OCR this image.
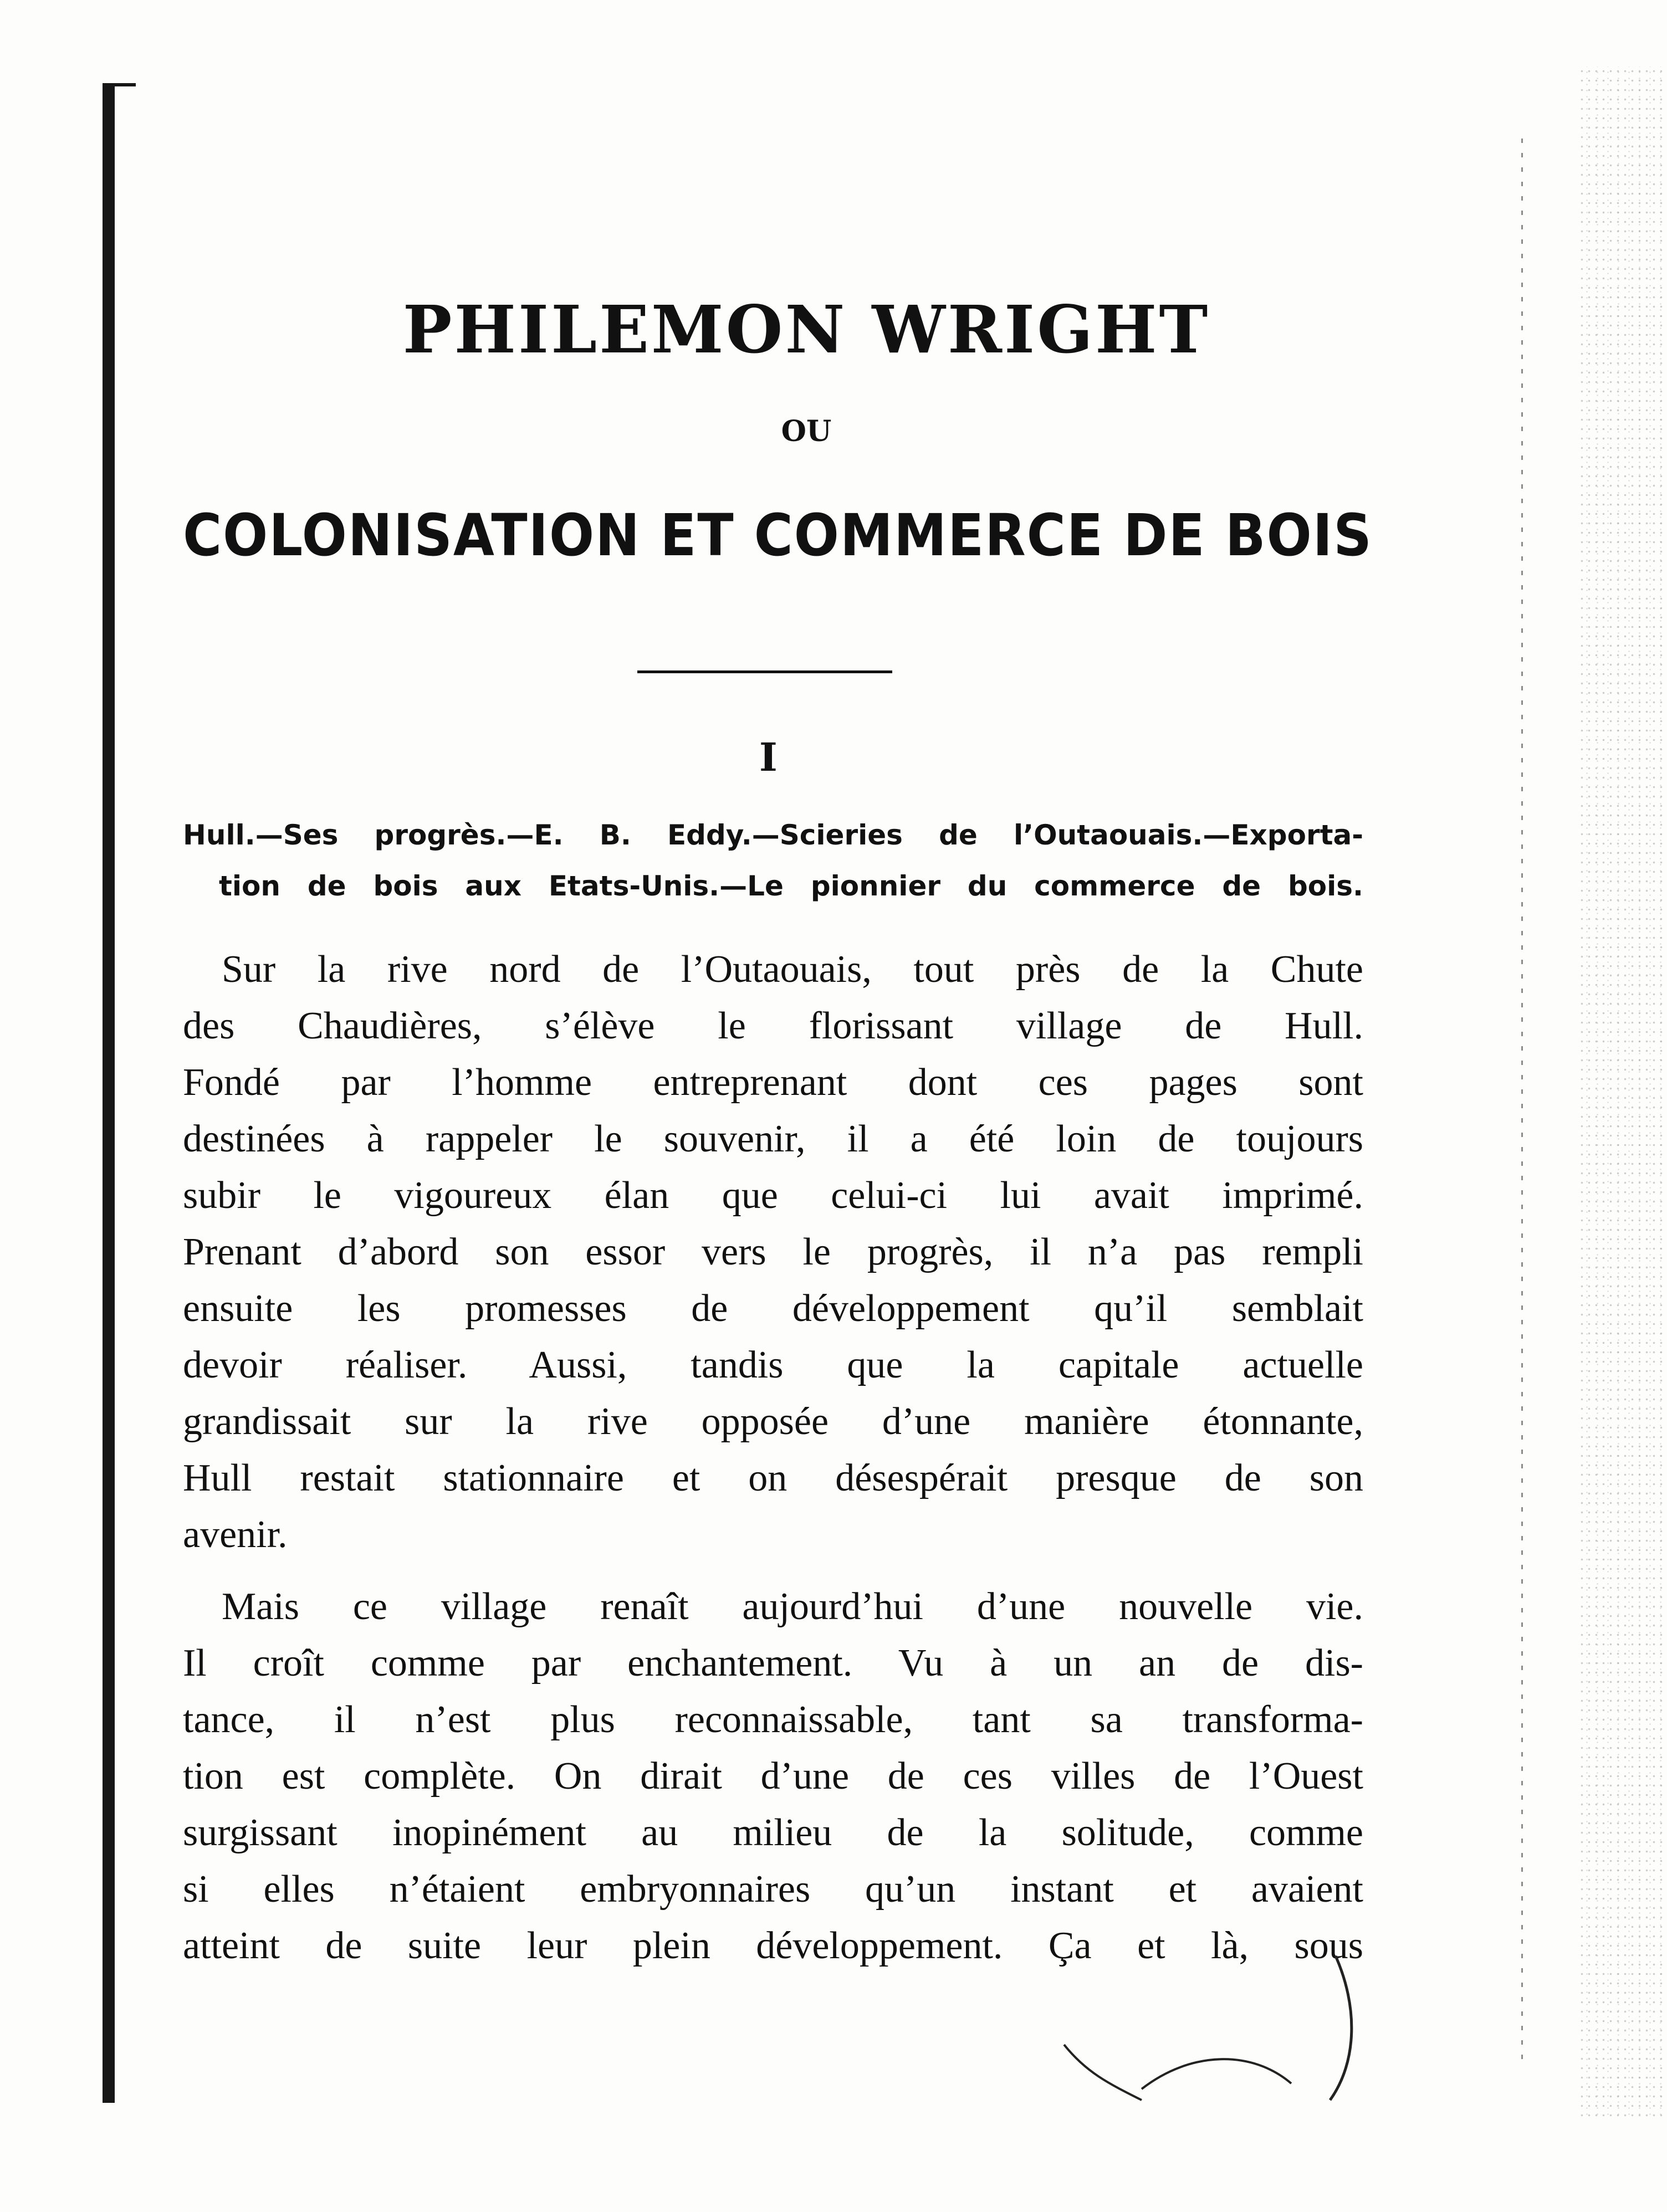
PHILEMON WRIGHT
OU
COLONISATION ET COMMERCE DE BOIS
I
Hull.—Ses progrès.—E. B. Eddy.—Scieries de l’Outaouais.—Exporta-
tion de bois aux Etats-Unis.—Le pionnier du commerce de bois.
Sur la rive nord de l’Outaouais, tout près de la Chute
des Chaudières, s’élève le florissant village de Hull.
Fondé par l’homme entreprenant dont ces pages sont
destinées à rappeler le souvenir, il a été loin de toujours
subir le vigoureux élan que celui-ci lui avait imprimé.
Prenant d’abord son essor vers le progrès, il n’a pas rempli
ensuite les promesses de développement qu’il semblait
devoir réaliser. Aussi, tandis que la capitale actuelle
grandissait sur la rive opposée d’une manière étonnante,
Hull restait stationnaire et on désespérait presque de son
avenir.
Mais ce village renaît aujourd’hui d’une nouvelle vie.
Il croît comme par enchantement. Vu à un an de dis-
tance, il n’est plus reconnaissable, tant sa transforma-
tion est complète. On dirait d’une de ces villes de l’Ouest
surgissant inopinément au milieu de la solitude, comme
si elles n’étaient embryonnaires qu’un instant et avaient
atteint de suite leur plein développement. Ça et là, sous
